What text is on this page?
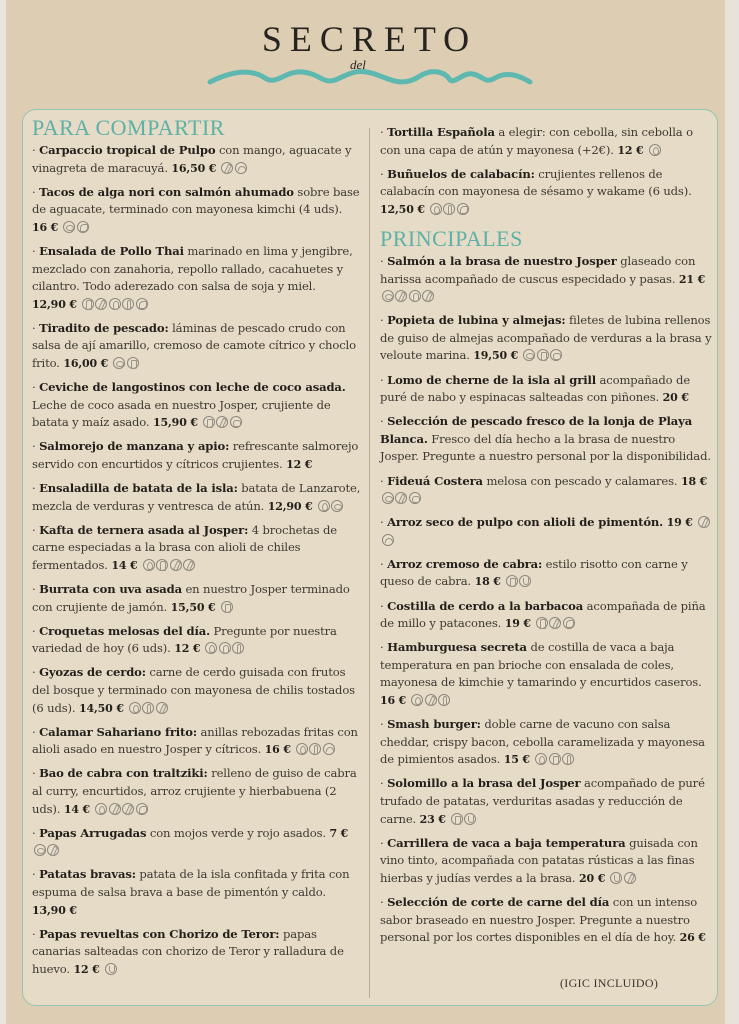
SECRETO
del
PARA COMPARTIR
· Carpaccio tropical de Pulpo con mango, aguacate y vinagreta de maracuyá. 16,50 €
· Tacos de alga nori con salmón ahumado sobre base de aguacate, terminado con mayonesa kimchi (4 uds). 16 €
· Ensalada de Pollo Thai marinado en lima y jengibre, mezclado con zanahoria, repollo rallado, cacahuetes y cilantro. Todo aderezado con salsa de soja y miel. 12,90 €
· Tiradito de pescado: láminas de pescado crudo con salsa de ají amarillo, cremoso de camote cítrico y choclo frito. 16,00 €
· Ceviche de langostinos con leche de coco asada. Leche de coco asada en nuestro Josper, crujiente de batata y maíz asado. 15,90 €
· Salmorejo de manzana y apio: refrescante salmorejo servido con encurtidos y cítricos crujientes. 12 €
· Ensaladilla de batata de la isla: batata de Lanzarote, mezcla de verduras y ventresca de atún. 12,90 €
· Kafta de ternera asada al Josper: 4 brochetas de carne especiadas a la brasa con alioli de chiles fermentados. 14 €
· Burrata con uva asada en nuestro Josper terminado con crujiente de jamón. 15,50 €
· Croquetas melosas del día. Pregunte por nuestra variedad de hoy (6 uds). 12 €
· Gyozas de cerdo: carne de cerdo guisada con frutos del bosque y terminado con mayonesa de chilis tostados (6 uds). 14,50 €
· Calamar Sahariano frito: anillas rebozadas fritas con alioli asado en nuestro Josper y cítricos. 16 €
· Bao de cabra con traltziki: relleno de guiso de cabra al curry, encurtidos, arroz crujiente y hierbabuena (2 uds). 14 €
· Papas Arrugadas con mojos verde y rojo asados. 7 €
· Patatas bravas: patata de la isla confitada y frita con espuma de salsa brava a base de pimentón y caldo. 13,90 €
· Papas revueltas con Chorizo de Teror: papas canarias salteadas con chorizo de Teror y ralladura de huevo. 12 €
· Tortilla Española a elegir: con cebolla, sin cebolla o con una capa de atún y mayonesa (+2€). 12 €
· Buñuelos de calabacín: crujientes rellenos de calabacín con mayonesa de sésamo y wakame (6 uds). 12,50 €
PRINCIPALES
· Salmón a la brasa de nuestro Josper glaseado con harissa acompañado de cuscus especidado y pasas. 21 €
· Popieta de lubina y almejas: filetes de lubina rellenos de guiso de almejas acompañado de verduras a la brasa y veloute marina. 19,50 €
· Lomo de cherne de la isla al grill acompañado de puré de nabo y espinacas salteadas con piñones. 20 €
· Selección de pescado fresco de la lonja de Playa Blanca. Fresco del día hecho a la brasa de nuestro Josper. Pregunte a nuestro personal por la disponibilidad.
· Fideuá Costera melosa con pescado y calamares. 18 €
· Arroz seco de pulpo con alioli de pimentón. 19 €
· Arroz cremoso de cabra: estilo risotto con carne y queso de cabra. 18 €
· Costilla de cerdo a la barbacoa acompañada de piña de millo y patacones. 19 €
· Hamburguesa secreta de costilla de vaca a baja temperatura en pan brioche con ensalada de coles, mayonesa de kimchie y tamarindo y encurtidos caseros. 16 €
· Smash burger: doble carne de vacuno con salsa cheddar, crispy bacon, cebolla caramelizada y mayonesa de pimientos asados. 15 €
· Solomillo a la brasa del Josper acompañado de puré trufado de patatas, verduritas asadas y reducción de carne. 23 €
· Carrillera de vaca a baja temperatura guisada con vino tinto, acompañada con patatas rústicas a las finas hierbas y judías verdes a la brasa. 20 €
· Selección de corte de carne del día con un intenso sabor braseado en nuestro Josper. Pregunte a nuestro personal por los cortes disponibles en el día de hoy. 26 €
(IGIC INCLUIDO)
